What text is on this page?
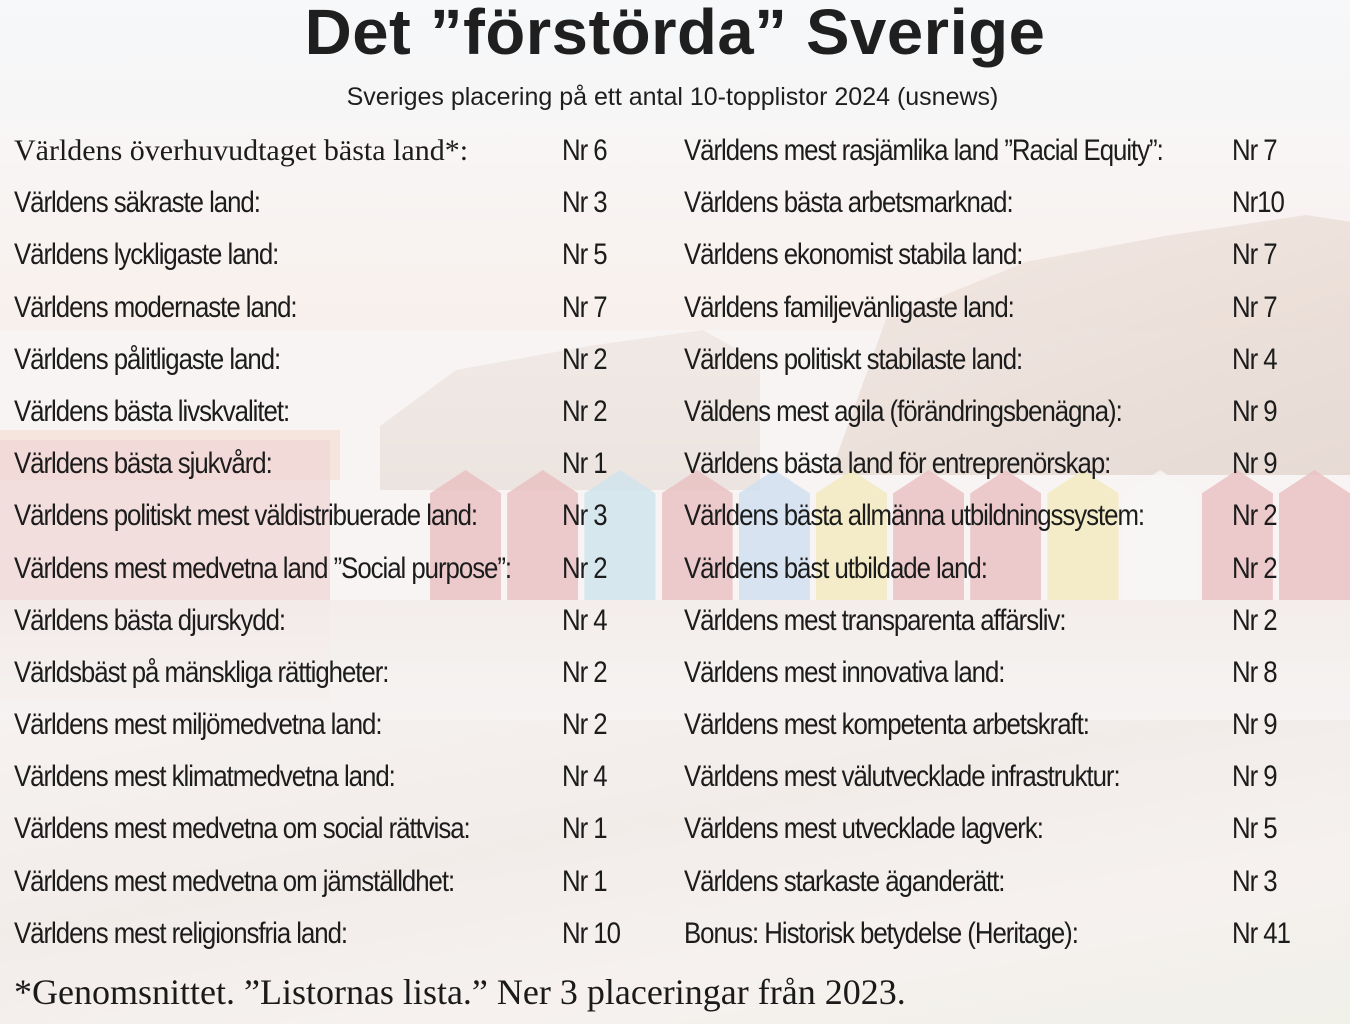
Det ”förstörda” Sverige
Sveriges placering på ett antal 10-topplistor 2024 (usnews)
Världens överhuvudtaget bästa land*:	Nr 6
Världens säkraste land:	Nr 3
Världens lyckligaste land:	Nr 5
Världens modernaste land:	Nr 7
Världens pålitligaste land:	Nr 2
Världens bästa livskvalitet:	Nr 2
Världens bästa sjukvård:	Nr 1
Världens politiskt mest väldistribuerade land:	Nr 3
Världens mest medvetna land ”Social purpose”: Nr 2
Världens bästa djurskydd:	Nr 4
Världsbäst på mänskliga rättigheter:	Nr 2
Världens mest miljömedvetna land:	Nr 2
Världens mest klimatmedvetna land:	Nr 4
Världens mest medvetna om social rättvisa:	Nr 1
Världens mest medvetna om jämställdhet:	Nr 1
Världens mest religionsfria land:	Nr 10
Världens mest rasjämlika land ”Racial Equity”: Nr 7
Världens bästa arbetsmarknad:	Nr10
Världens ekonomist stabila land:	Nr 7
Världens familjevänligaste land:	Nr 7
Världens politiskt stabilaste land:	Nr 4
Väldens mest agila (förändringsbenägna):	Nr 9
Världens bästa land för entreprenörskap:	Nr 9
Världens bästa allmänna utbildningssystem:	Nr 2
Världens bäst utbildade land:	Nr 2
Världens mest transparenta affärsliv:	Nr 2
Världens mest innovativa land:	Nr 8
Världens mest kompetenta arbetskraft:	Nr 9
Världens mest välutvecklade infrastruktur:	Nr 9
Världens mest utvecklade lagverk:	Nr 5
Världens starkaste äganderätt:	Nr 3
Bonus: Historisk betydelse (Heritage):	Nr 41
*Genomsnittet. ”Listornas lista.” Ner 3 placeringar från 2023.
